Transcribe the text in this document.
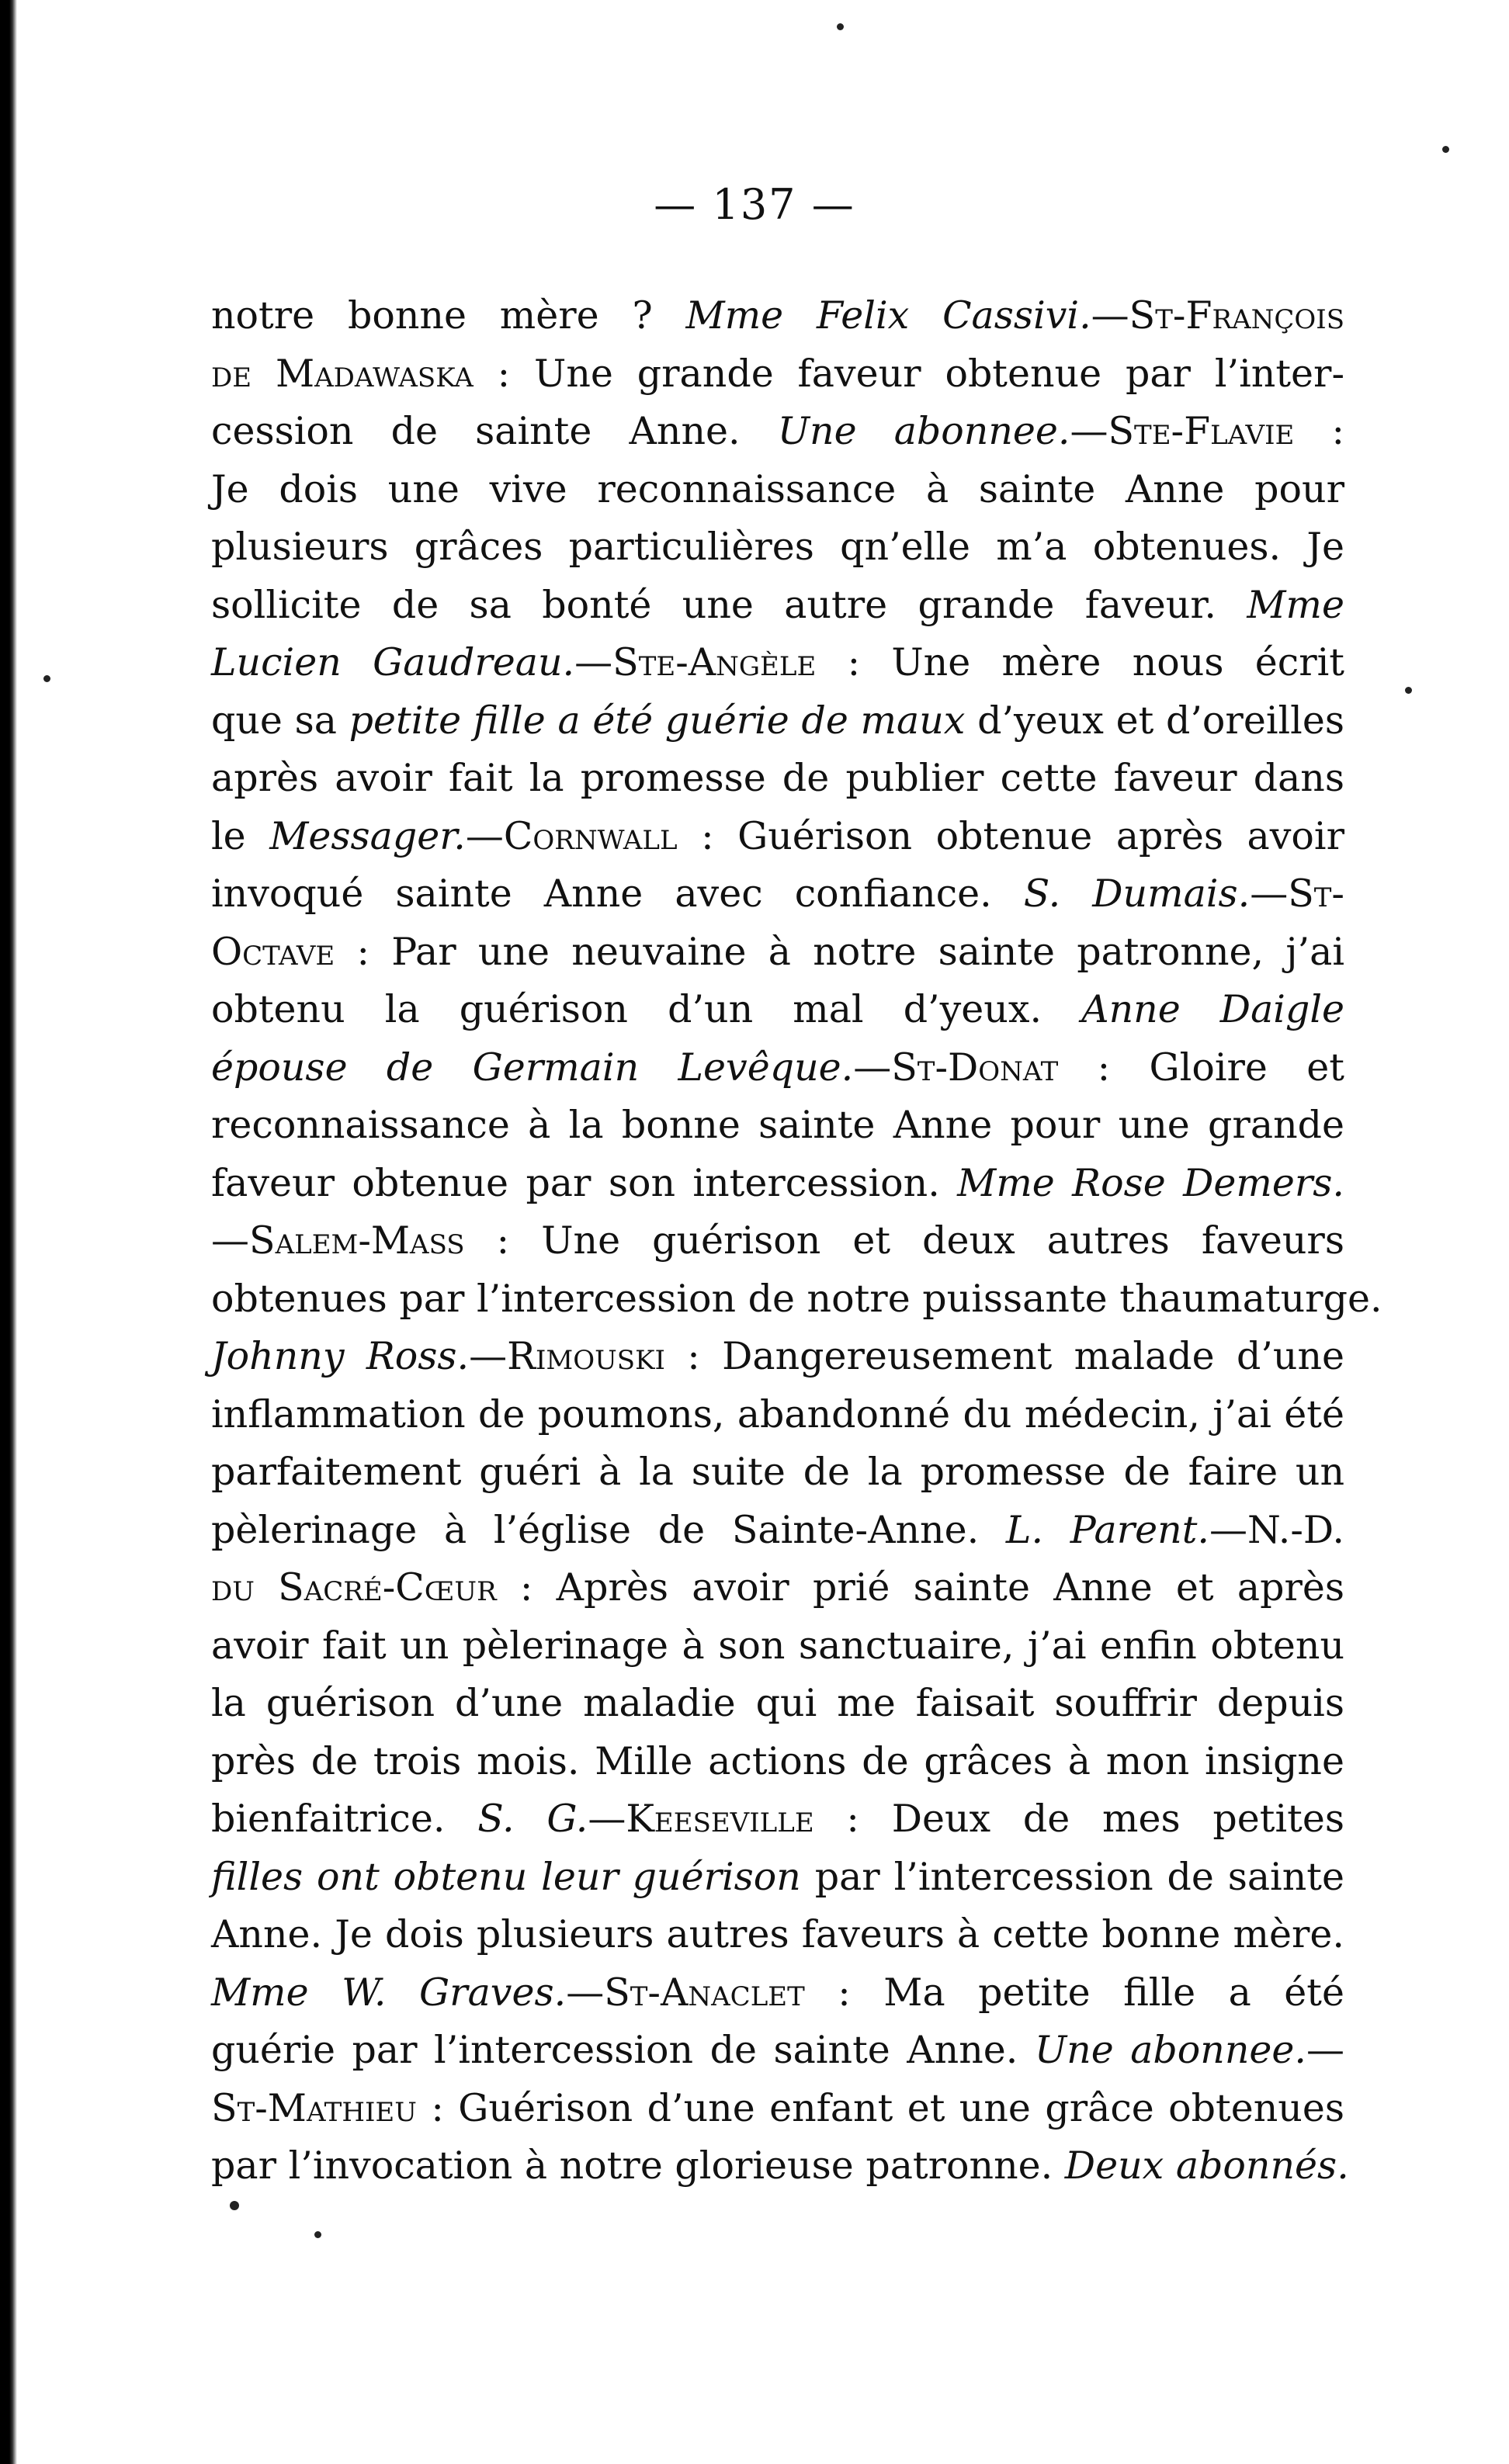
— 137 —
notre bonne mère ? Mme Felix Cassivi.—St-François
de Madawaska : Une grande faveur obtenue par l’inter-
cession de sainte Anne. Une abonnee.—Ste-Flavie :
Je dois une vive reconnaissance à sainte Anne pour
plusieurs grâces particulières qn’elle m’a obtenues. Je
sollicite de sa bonté une autre grande faveur. Mme
Lucien Gaudreau.—Ste-Angèle : Une mère nous écrit
que sa petite fille a été guérie de maux d’yeux et d’oreilles
après avoir fait la promesse de publier cette faveur dans
le Messager.—Cornwall : Guérison obtenue après avoir
invoqué sainte Anne avec confiance. S. Dumais.—St-
Octave : Par une neuvaine à notre sainte patronne, j’ai
obtenu la guérison d’un mal d’yeux. Anne Daigle
épouse de Germain Levêque.—St-Donat : Gloire et
reconnaissance à la bonne sainte Anne pour une grande
faveur obtenue par son intercession. Mme Rose Demers.
—Salem-Mass : Une guérison et deux autres faveurs
obtenues par l’intercession de notre puissante thaumaturge.
Johnny Ross.—Rimouski : Dangereusement malade d’une
inflammation de poumons, abandonné du médecin, j’ai été
parfaitement guéri à la suite de la promesse de faire un
pèlerinage à l’église de Sainte-Anne. L. Parent.—N.-D.
du Sacré-Cœur : Après avoir prié sainte Anne et après
avoir fait un pèlerinage à son sanctuaire, j’ai enfin obtenu
la guérison d’une maladie qui me faisait souffrir depuis
près de trois mois. Mille actions de grâces à mon insigne
bienfaitrice. S. G.—Keeseville : Deux de mes petites
filles ont obtenu leur guérison par l’intercession de sainte
Anne. Je dois plusieurs autres faveurs à cette bonne mère.
Mme W. Graves.—St-Anaclet : Ma petite fille a été
guérie par l’intercession de sainte Anne. Une abonnee.—
St-Mathieu : Guérison d’une enfant et une grâce obtenues
par l’invocation à notre glorieuse patronne. Deux abonnés.
